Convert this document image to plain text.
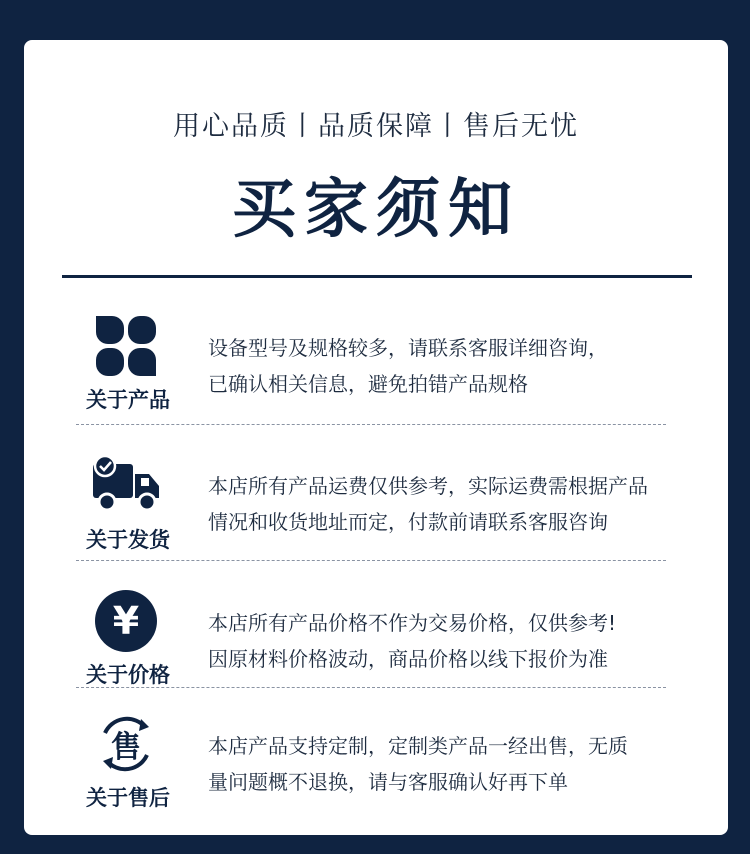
用心品质丨品质保障丨售后无忧
买家须知
关于产品
设备型号及规格较多，请联系客服详细咨询，
已确认相关信息，避免拍错产品规格
关于发货
本店所有产品运费仅供参考，实际运费需根据产品
情况和收货地址而定，付款前请联系客服咨询
¥
关于价格
本店所有产品价格不作为交易价格，仅供参考!
因原材料价格波动，商品价格以线下报价为准
售
关于售后
本店产品支持定制，定制类产品一经出售，无质
量问题概不退换，请与客服确认好再下单
